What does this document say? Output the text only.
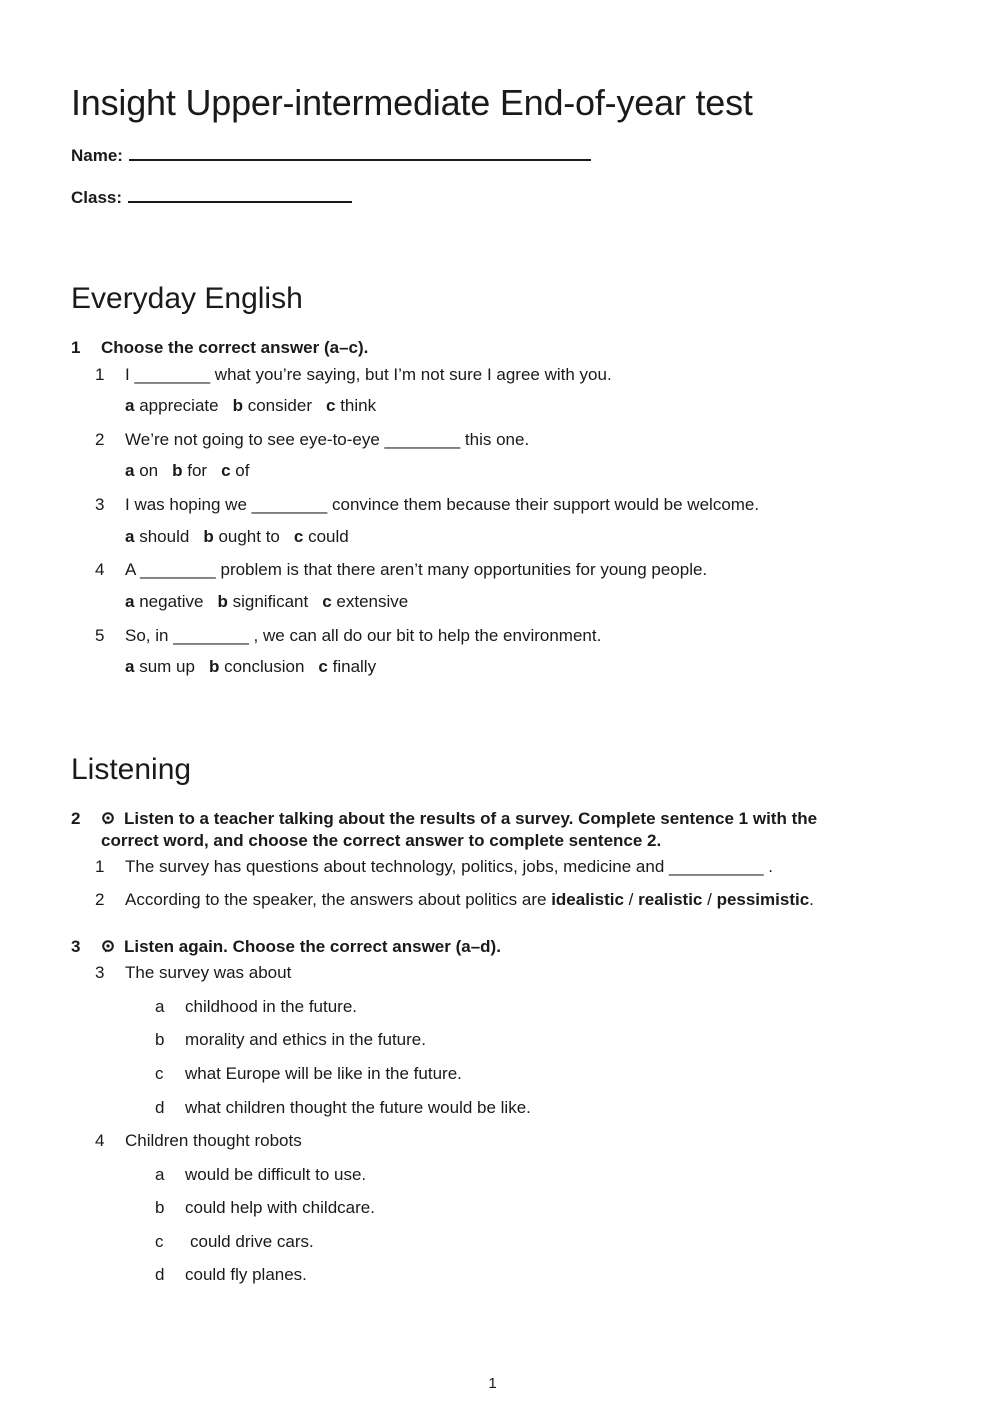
Insight Upper-intermediate End-of-year test
Name:
Class:
Everyday English
1 Choose the correct answer (a–c).
1 I ________ what you’re saying, but I’m not sure I agree with you.
a appreciate b consider c think
2 We’re not going to see eye-to-eye ________ this one.
a on b for c of
3 I was hoping we ________ convince them because their support would be welcome.
a should b ought to c could
4 A ________ problem is that there aren’t many opportunities for young people.
a negative b significant c extensive
5 So, in ________ , we can all do our bit to help the environment.
a sum up b conclusion c finally
Listening
2	Listen to a teacher talking about the results of a survey. Complete sentence 1 with the
correct word, and choose the correct answer to complete sentence 2.
1 The survey has questions about technology, politics, jobs, medicine and __________ .
2 According to the speaker, the answers about politics are idealistic / realistic / pessimistic.
3	Listen again. Choose the correct answer (a–d).
3 The survey was about
a childhood in the future.
b morality and ethics in the future.
c what Europe will be like in the future.
d what children thought the future would be like.
4 Children thought robots
a would be difficult to use.
b could help with childcare.
c could drive cars.
d could fly planes.
1
